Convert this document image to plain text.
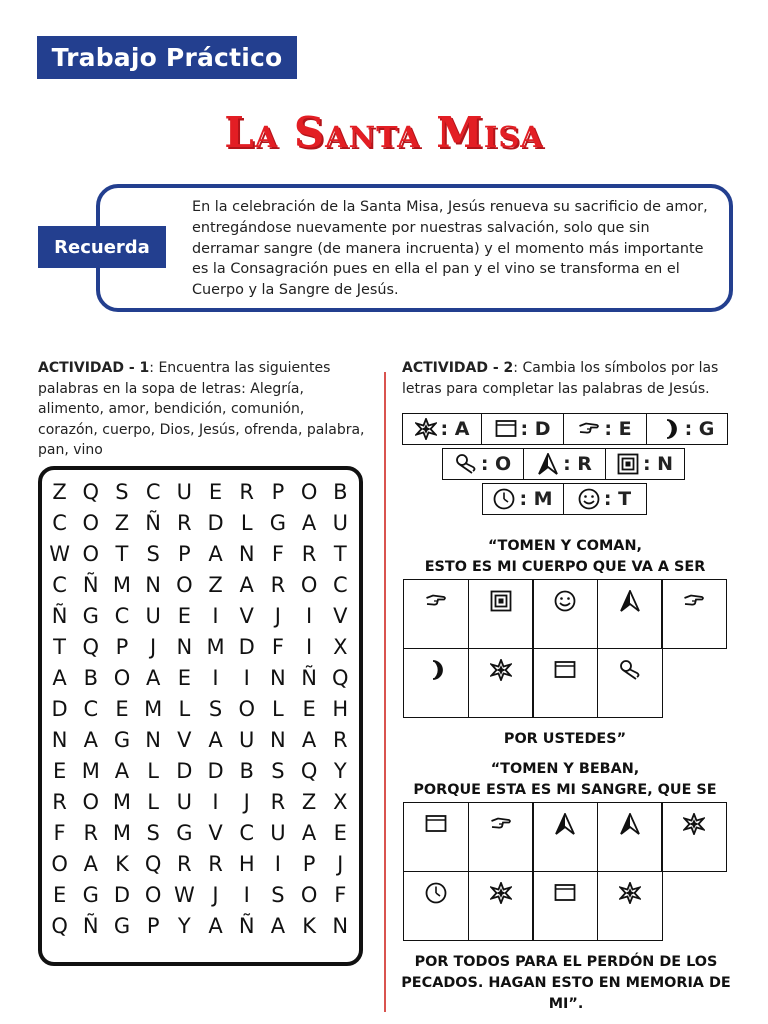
Trabajo Práctico
La Santa Misa
Recuerda
En la celebración de la Santa Misa, Jesús renueva su sacrificio de amor, entregándose nuevamente por nuestras salvación, solo que sin derramar sangre (de manera incruenta) y el momento más importante es la Consagración pues en ella el pan y el vino se transforma en el Cuerpo y la Sangre de Jesús.
ACTIVIDAD - 1: Encuentra las siguientes palabras en la sopa de letras: Alegría, alimento, amor, bendición, comunión, corazón, cuerpo, Dios, Jesús, ofrenda, palabra, pan, vino
Z Q S C U E R P O B
C O Z Ñ R D L G A U
W O T S P A N F R T
C Ñ M N O Z A R O C
Ñ G C U E	I V J	I V
T Q P	J N M D F	I X
A B O A E	I	I N Ñ Q
D C E M L S O L E H
N A G N V A U N A R
E M A L D D B S Q Y
R O M L U I	J R Z X
F R M S G V C U A E
O A K Q R R H I	P	J
E G D O W J	I	S O F
Q Ñ G P Y A Ñ A K N
ACTIVIDAD - 2: Cambia los símbolos por las letras para completar las palabras de Jesús.
: A	: D	: E	: G
: O	: R	: N
: M	: T
“TOMEN Y COMAN,
ESTO ES MI CUERPO QUE VA A SER
POR USTEDES”
“TOMEN Y BEBAN,
PORQUE ESTA ES MI SANGRE, QUE SE
POR TODOS PARA EL PERDÓN DE LOS
PECADOS. HAGAN ESTO EN MEMORIA DE MI”.
